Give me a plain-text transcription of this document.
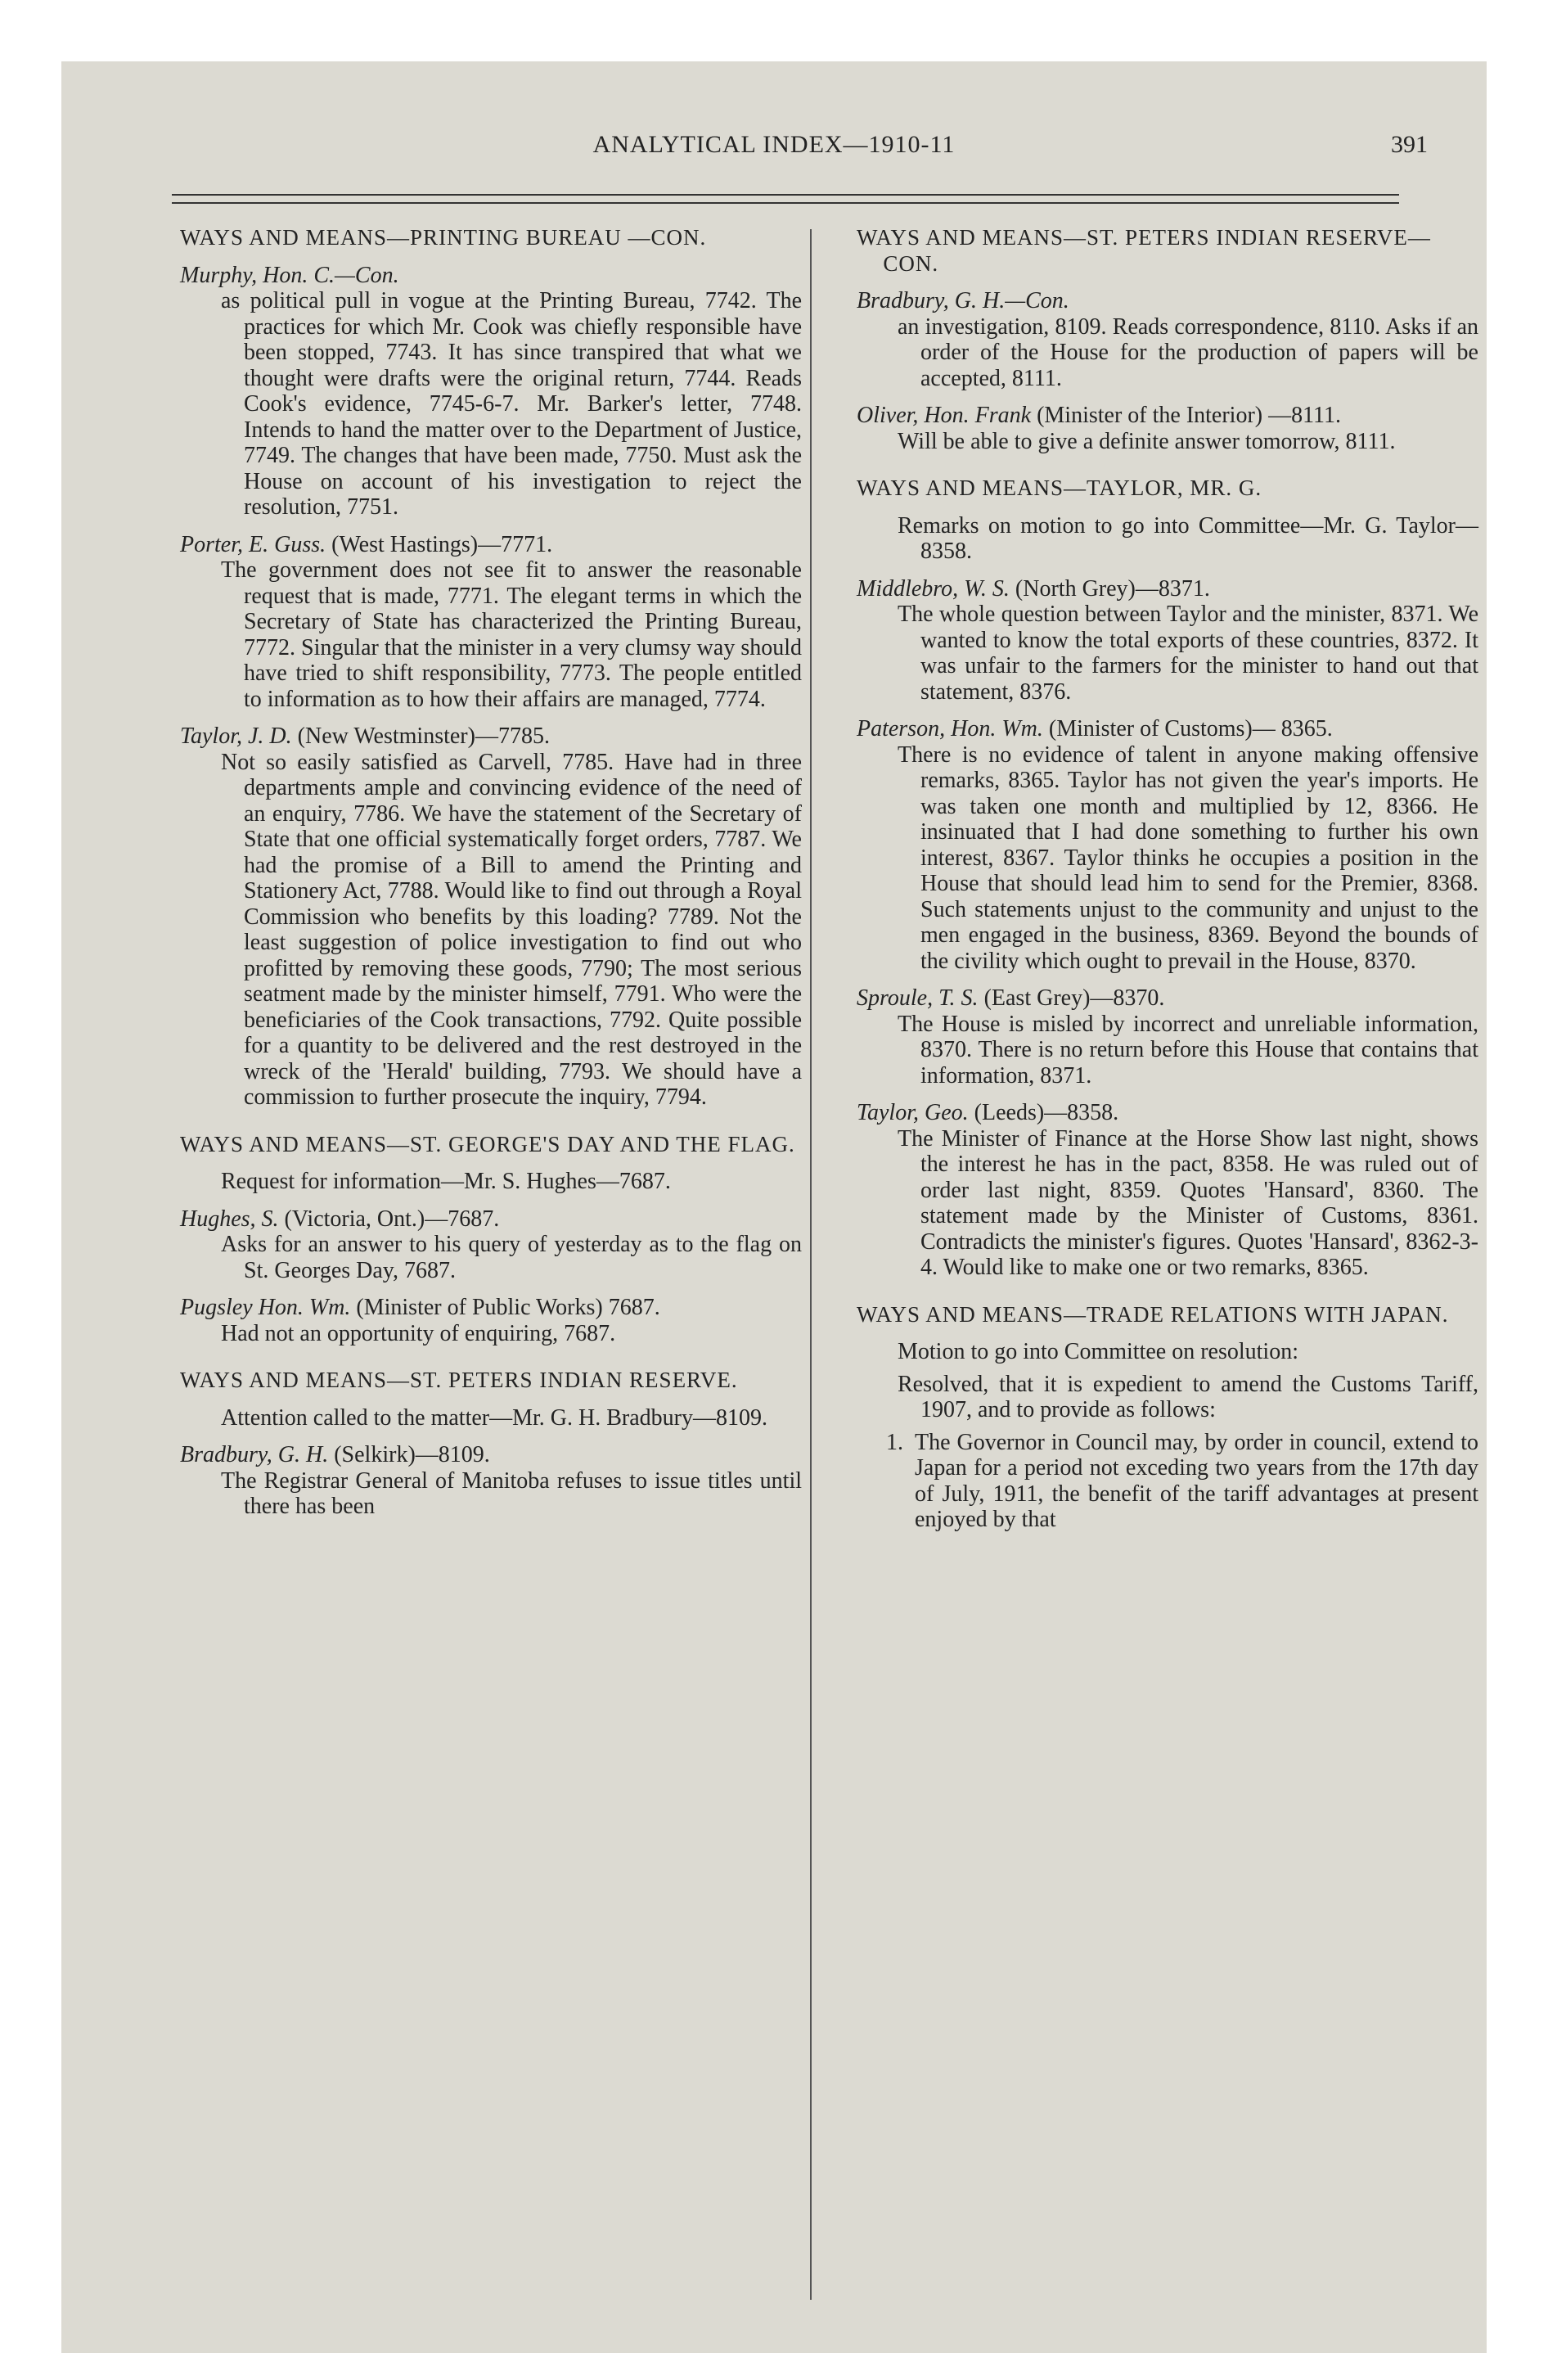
ANALYTICAL INDEX—1910-11	391
WAYS AND MEANS—PRINTING BUREAU —CON.
Murphy, Hon. C.—Con.
as political pull in vogue at the Printing Bureau, 7742. The practices for which Mr. Cook was chiefly responsible have been stopped, 7743. It has since transpired that what we thought were drafts were the original return, 7744. Reads Cook's evidence, 7745-6-7. Mr. Barker's letter, 7748. Intends to hand the matter over to the Department of Justice, 7749. The changes that have been made, 7750. Must ask the House on account of his investigation to reject the resolution, 7751.
Porter, E. Guss. (West Hastings)—7771.
The government does not see fit to answer the reasonable request that is made, 7771. The elegant terms in which the Secretary of State has characterized the Printing Bureau, 7772. Singular that the minister in a very clumsy way should have tried to shift responsibility, 7773. The people entitled to information as to how their affairs are managed, 7774.
Taylor, J. D. (New Westminster)—7785.
Not so easily satisfied as Carvell, 7785. Have had in three departments ample and convincing evidence of the need of an enquiry, 7786. We have the statement of the Secretary of State that one official systematically forget orders, 7787. We had the promise of a Bill to amend the Printing and Stationery Act, 7788. Would like to find out through a Royal Commission who benefits by this loading? 7789. Not the least suggestion of police investigation to find out who profitted by removing these goods, 7790; The most serious seatment made by the minister himself, 7791. Who were the beneficiaries of the Cook transactions, 7792. Quite possible for a quantity to be delivered and the rest destroyed in the wreck of the 'Herald' building, 7793. We should have a commission to further prosecute the inquiry, 7794.
WAYS AND MEANS—ST. GEORGE'S DAY AND THE FLAG.
Request for information—Mr. S. Hughes—7687.
Hughes, S. (Victoria, Ont.)—7687.
Asks for an answer to his query of yesterday as to the flag on St. Georges Day, 7687.
Pugsley Hon. Wm. (Minister of Public Works) 7687.
Had not an opportunity of enquiring, 7687.
WAYS AND MEANS—ST. PETERS INDIAN RESERVE.
Attention called to the matter—Mr. G. H. Bradbury—8109.
Bradbury, G. H. (Selkirk)—8109.
The Registrar General of Manitoba refuses to issue titles until there has been
WAYS AND MEANS—ST. PETERS INDIAN RESERVE—CON.
Bradbury, G. H.—Con.
an investigation, 8109. Reads correspondence, 8110. Asks if an order of the House for the production of papers will be accepted, 8111.
Oliver, Hon. Frank (Minister of the Interior) —8111.
Will be able to give a definite answer tomorrow, 8111.
WAYS AND MEANS—TAYLOR, MR. G.
Remarks on motion to go into Committee—Mr. G. Taylor—8358.
Middlebro, W. S. (North Grey)—8371.
The whole question between Taylor and the minister, 8371. We wanted to know the total exports of these countries, 8372. It was unfair to the farmers for the minister to hand out that statement, 8376.
Paterson, Hon. Wm. (Minister of Customs)— 8365.
There is no evidence of talent in anyone making offensive remarks, 8365. Taylor has not given the year's imports. He was taken one month and multiplied by 12, 8366. He insinuated that I had done something to further his own interest, 8367. Taylor thinks he occupies a position in the House that should lead him to send for the Premier, 8368. Such statements unjust to the community and unjust to the men engaged in the business, 8369. Beyond the bounds of the civility which ought to prevail in the House, 8370.
Sproule, T. S. (East Grey)—8370.
The House is misled by incorrect and unreliable information, 8370. There is no return before this House that contains that information, 8371.
Taylor, Geo. (Leeds)—8358.
The Minister of Finance at the Horse Show last night, shows the interest he has in the pact, 8358. He was ruled out of order last night, 8359. Quotes 'Hansard', 8360. The statement made by the Minister of Customs, 8361. Contradicts the minister's figures. Quotes 'Hansard', 8362-3-4. Would like to make one or two remarks, 8365.
WAYS AND MEANS—TRADE RELATIONS WITH JAPAN.
Motion to go into Committee on resolution:
Resolved, that it is expedient to amend the Customs Tariff, 1907, and to provide as follows:
1. The Governor in Council may, by order in council, extend to Japan for a period not exceding two years from the 17th day of July, 1911, the benefit of the tariff advantages at present enjoyed by that
